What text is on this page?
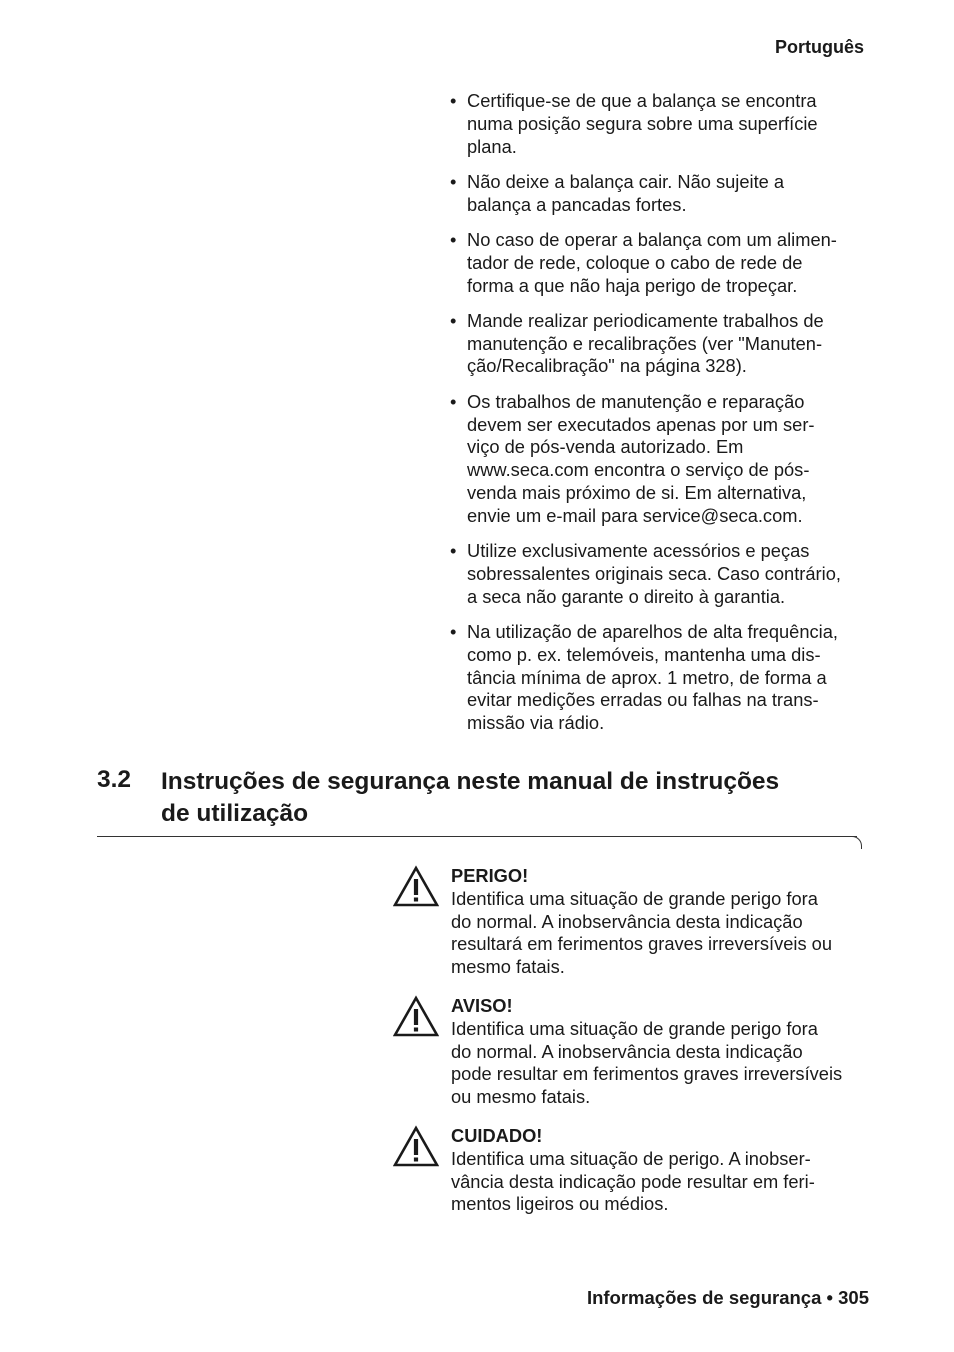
Português
• Certifique-se de que a balança se encontra
numa posição segura sobre uma superfície
plana.
• Não deixe a balança cair. Não sujeite a
balança a pancadas fortes.
• No caso de operar a balança com um alimen-
tador de rede, coloque o cabo de rede de
forma a que não haja perigo de tropeçar.
• Mande realizar periodicamente trabalhos de
manutenção e recalibrações (ver "Manuten-
ção/Recalibração" na página 328).
• Os trabalhos de manutenção e reparação
devem ser executados apenas por um ser-
viço de pós-venda autorizado. Em
www.seca.com encontra o serviço de pós-
venda mais próximo de si. Em alternativa,
envie um e-mail para service@seca.com.
• Utilize exclusivamente acessórios e peças
sobressalentes originais seca. Caso contrário,
a seca não garante o direito à garantia.
• Na utilização de aparelhos de alta frequência,
como p. ex. telemóveis, mantenha uma dis-
tância mínima de aprox. 1 metro, de forma a
evitar medições erradas ou falhas na trans-
missão via rádio.
3.2 Instruções de segurança neste manual de instruções
de utilização
PERIGO!
Identifica uma situação de grande perigo fora
do normal. A inobservância desta indicação
resultará em ferimentos graves irreversíveis ou
mesmo fatais.
AVISO!
Identifica uma situação de grande perigo fora
do normal. A inobservância desta indicação
pode resultar em ferimentos graves irreversíveis
ou mesmo fatais.
CUIDADO!
Identifica uma situação de perigo. A inobser-
vância desta indicação pode resultar em feri-
mentos ligeiros ou médios.
Informações de segurança • 305
